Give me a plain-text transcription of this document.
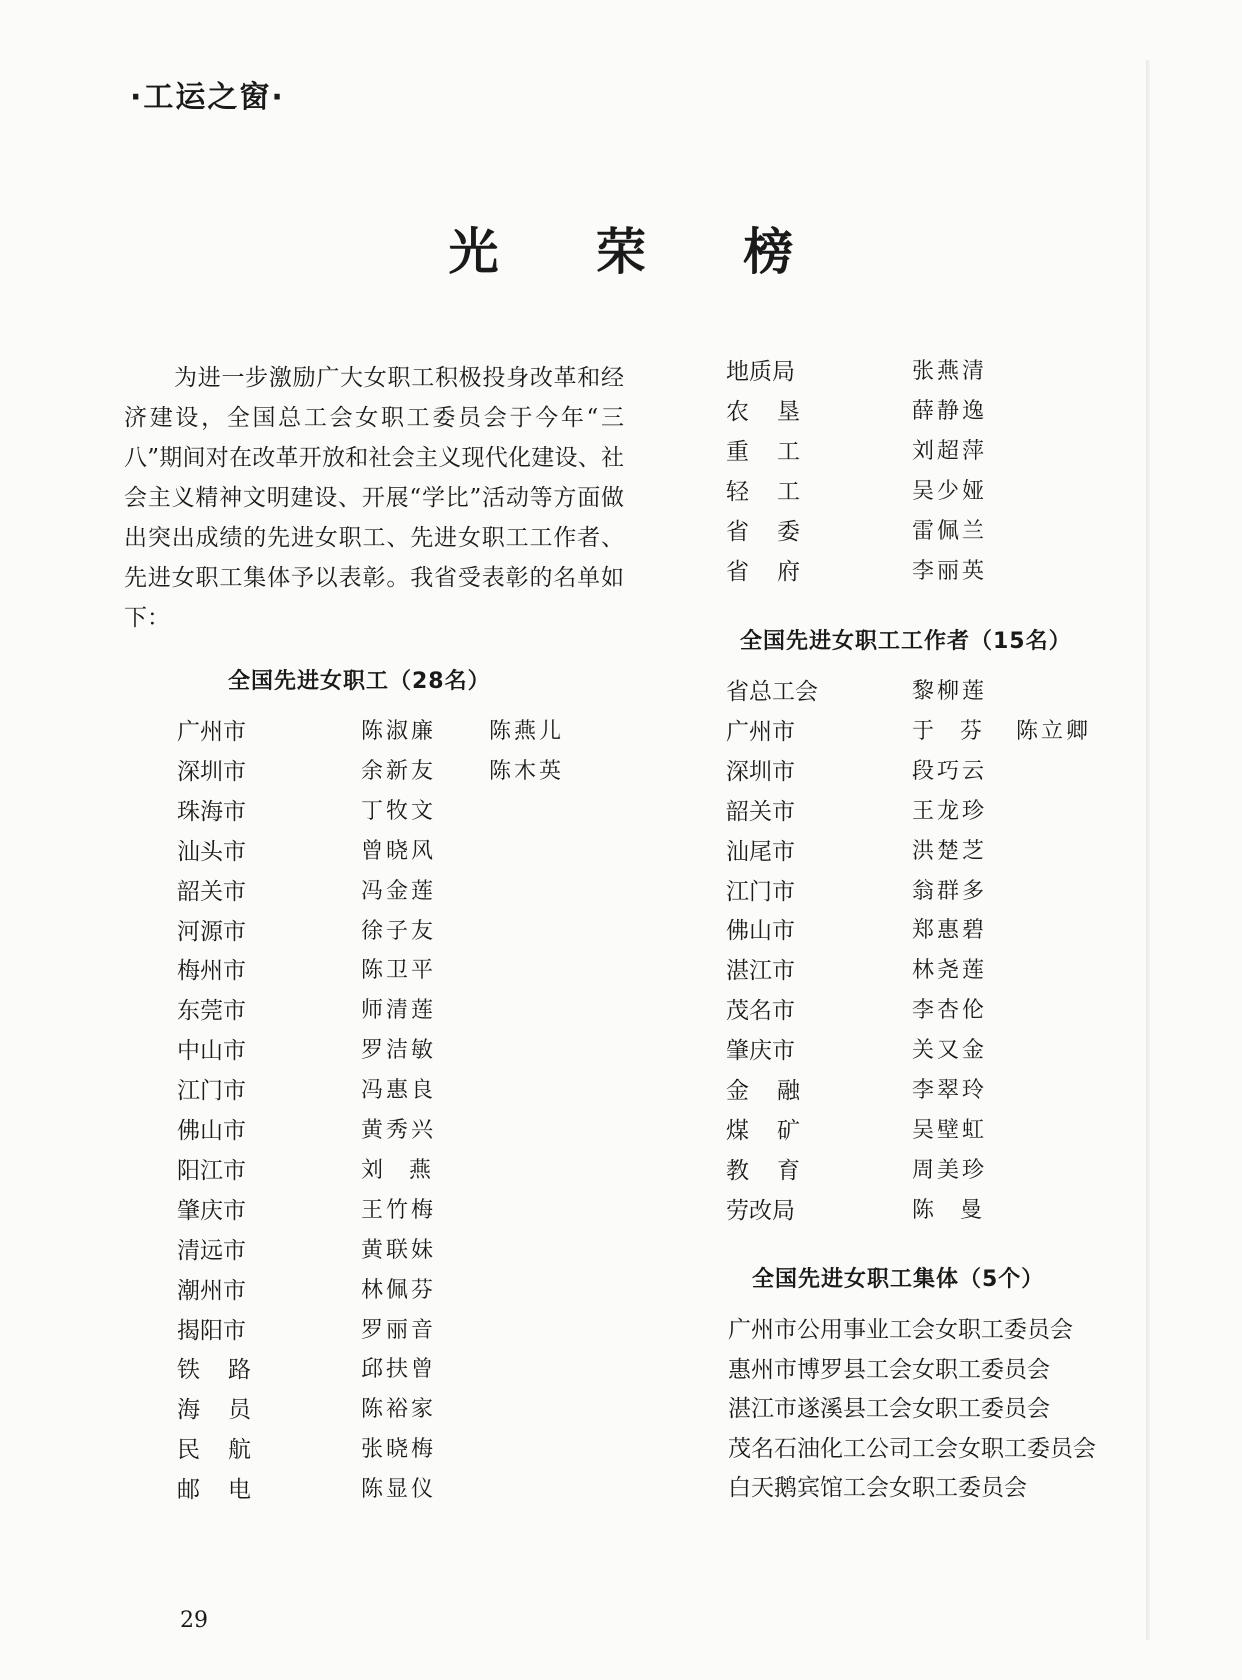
·工运之窗·
光 荣 榜

为进一步激励广大女职工积极投身改革和经济建设，全国总工会女职工委员会于今年“三八”期间对在改革开放和社会主义现代化建设、社会主义精神文明建设、开展“学比”活动等方面做出突出成绩的先进女职工、先进女职工工作者、先进女职工集体予以表彰。我省受表彰的名单如下：

全国先进女职工（28名）
广州市	陈淑廉 陈燕儿
深圳市	余新友 陈木英
珠海市	丁牧文
汕头市	曾晓风
韶关市	冯金莲
河源市	徐子友
梅州市	陈卫平
东莞市	师清莲
中山市	罗洁敏
江门市	冯惠良
佛山市	黄秀兴
阳江市	刘燕
肇庆市	王竹梅
清远市	黄联妹
潮州市	林佩芬
揭阳市	罗丽音
铁路	邱扶曾
海员	陈裕家
民航	张晓梅
邮电	陈显仪
地质局	张燕清
农垦	薛静逸
重工	刘超萍
轻工	吴少娅
省委	雷佩兰
省府	李丽英
全国先进女职工工作者（15名）
省总工会	黎柳莲
广州市	于芬 陈立卿
深圳市	段巧云
韶关市	王龙珍
汕尾市	洪楚芝
江门市	翁群多
佛山市	郑惠碧
湛江市	林尧莲
茂名市	李杏伦
肇庆市	关又金
金融	李翠玲
煤矿	吴壁虹
教育	周美珍
劳改局	陈曼
全国先进女职工集体（5个）
广州市公用事业工会女职工委员会
惠州市博罗县工会女职工委员会
湛江市遂溪县工会女职工委员会
茂名石油化工公司工会女职工委员会
白天鹅宾馆工会女职工委员会
29
